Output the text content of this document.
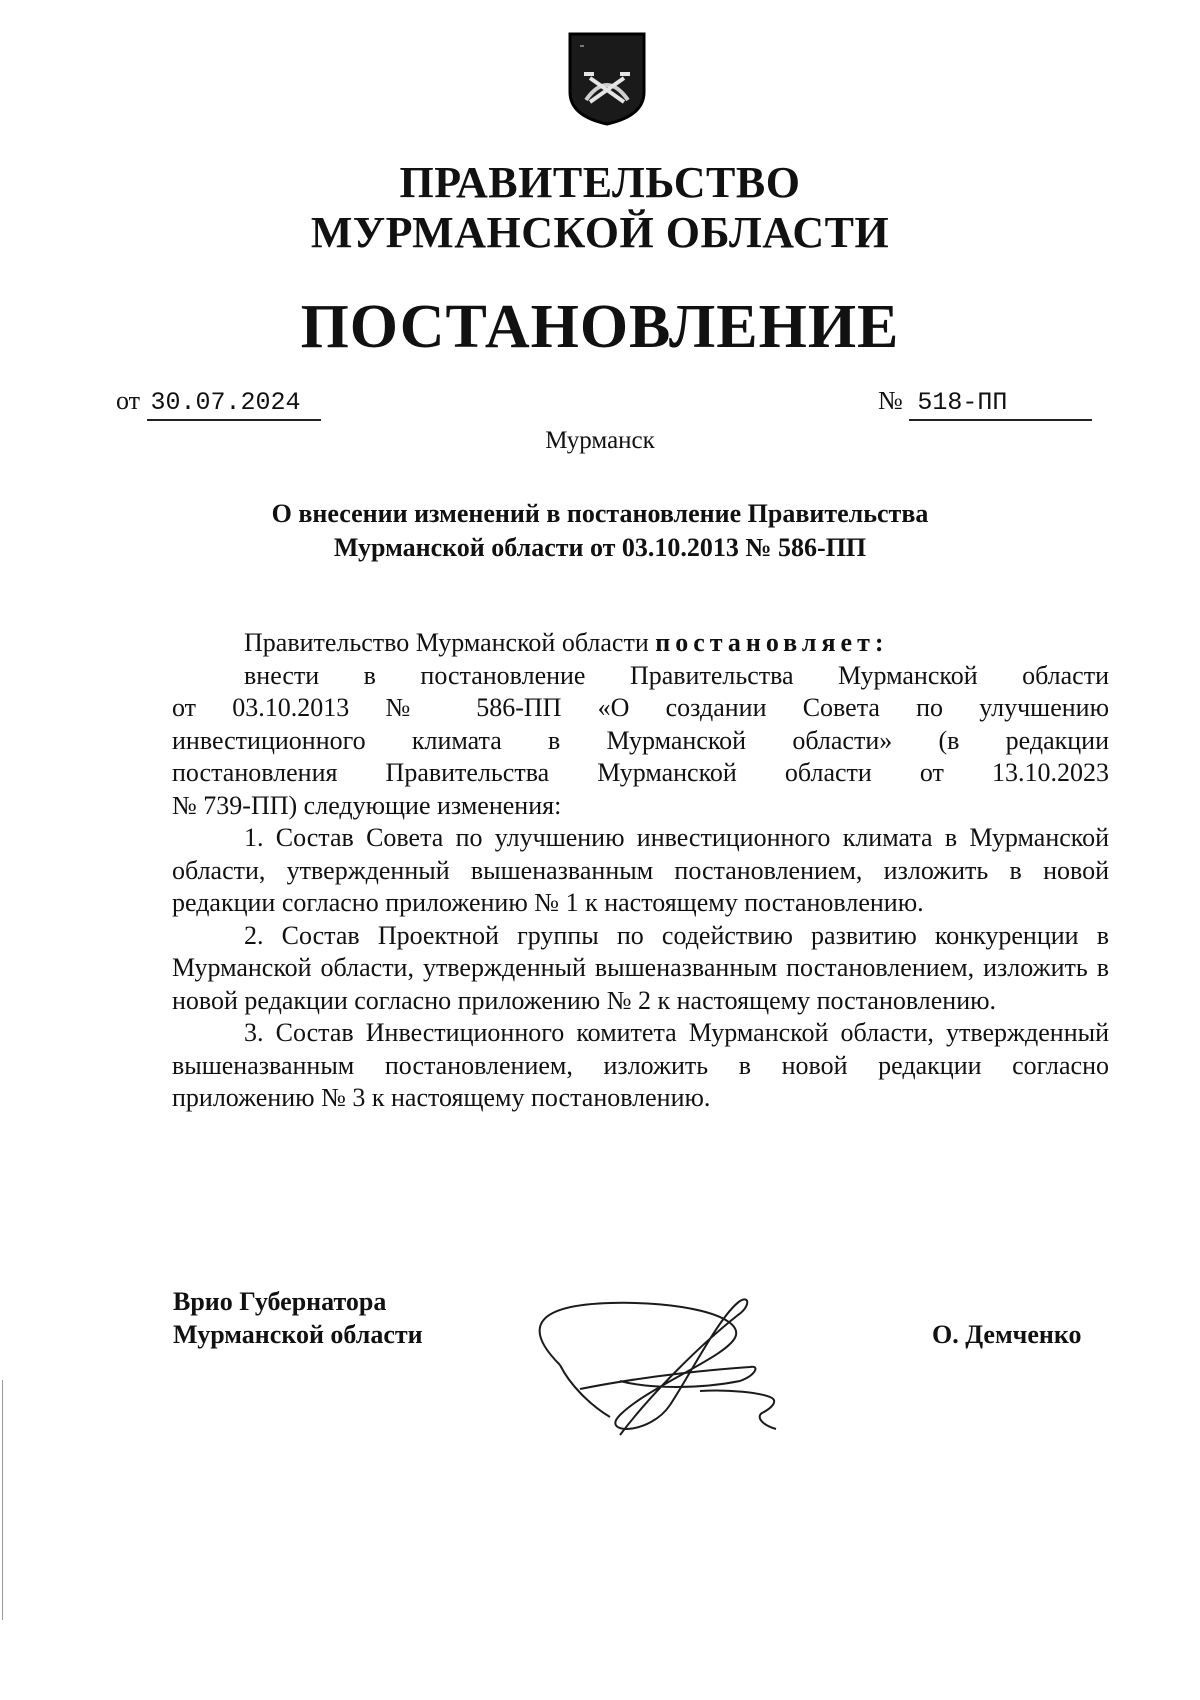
ПРАВИТЕЛЬСТВО
МУРМАНСКОЙ ОБЛАСТИ
ПОСТАНОВЛЕНИЕ
от 30.07.2024	№ 518-ПП
Мурманск
О внесении изменений в постановление Правительства
Мурманской области от 03.10.2013 № 586-ПП

Правительство Мурманской области постановляет:

внести в постановление Правительства Мурманской области

от 03.10.2013 № 586-ПП «О создании Совета по улучшению

инвестиционного климата в Мурманской области» (в редакции

постановления Правительства Мурманской области от 13.10.2023

№ 739-ПП) следующие изменения:

1. Состав Совета по улучшению инвестиционного климата в Мурманской области, утвержденный вышеназванным постановлением, изложить в новой редакции согласно приложению № 1 к настоящему постановлению.

2. Состав Проектной группы по содействию развитию конкуренции в Мурманской области, утвержденный вышеназванным постановлением, изложить в новой редакции согласно приложению № 2 к настоящему постановлению.

3. Состав Инвестиционного комитета Мурманской области, утвержденный вышеназванным постановлением, изложить в новой редакции согласно приложению № 3 к настоящему постановлению.

Врио Губернатора
Мурманской области	О. Демченко
